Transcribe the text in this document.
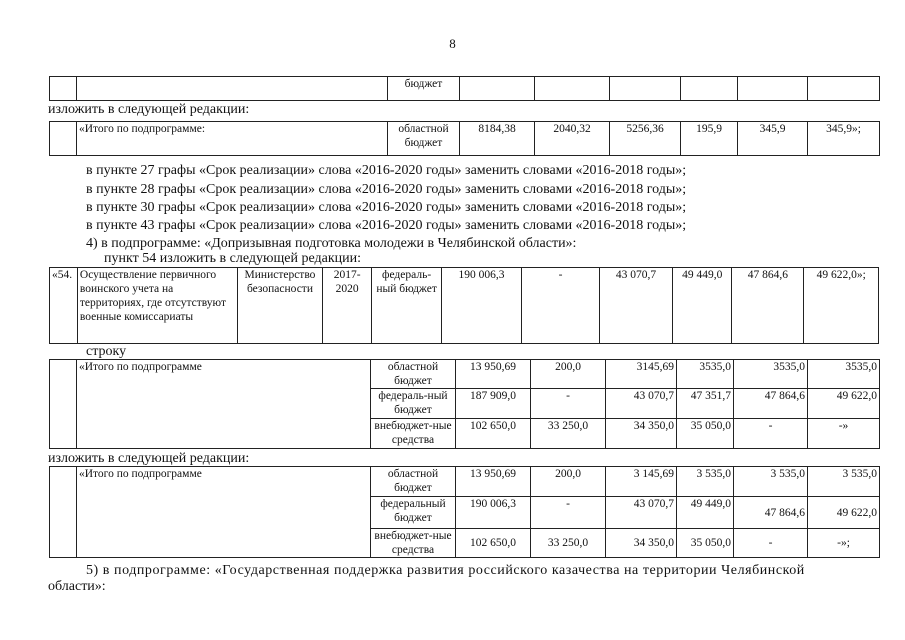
8
		бюджет						
изложить в следующей редакции:
	«Итого по подпрограмме:	областной бюджет	8184,38	2040,32	5256,36	195,9	345,9	345,9»;
в пункте 27 графы «Срок реализации» слова «2016-2020 годы» заменить словами «2016-2018 годы»;
в пункте 28 графы «Срок реализации» слова «2016-2020 годы» заменить словами «2016-2018 годы»;
в пункте 30 графы «Срок реализации» слова «2016-2020 годы» заменить словами «2016-2018 годы»;
в пункте 43 графы «Срок реализации» слова «2016-2020 годы» заменить словами «2016-2018 годы»;
4) в подпрограмме: «Допризывная подготовка молодежи в Челябинской области»:
пункт 54 изложить в следующей редакции:
«54.	Осуществление первичного воинского учета на территориях, где отсутствуют военные комиссариаты	Министерство безопасности	2017-2020	федераль-ный бюджет	190 006,3	-	43 070,7	49 449,0	47 864,6	49 622,0»;
строку
	«Итого по подпрограмме	областной бюджет	13 950,69	200,0	3145,69	3535,0	3535,0	3535,0
		федераль-ный бюджет	187 909,0	-	43 070,7	47 351,7	47 864,6	49 622,0
		внебюджет-ные средства	102 650,0	33 250,0	34 350,0	35 050,0	-	-»
изложить в следующей редакции:
	«Итого по подпрограмме	областной бюджет	13 950,69	200,0	3 145,69	3 535,0	3 535,0	3 535,0
		федеральный бюджет	190 006,3	-	43 070,7	49 449,0	47 864,6	49 622,0
		внебюджет-ные средства	102 650,0	33 250,0	34 350,0	35 050,0	-	-»;
5) в подпрограмме: «Государственная поддержка развития российского казачества на территории Челябинской
области»:
